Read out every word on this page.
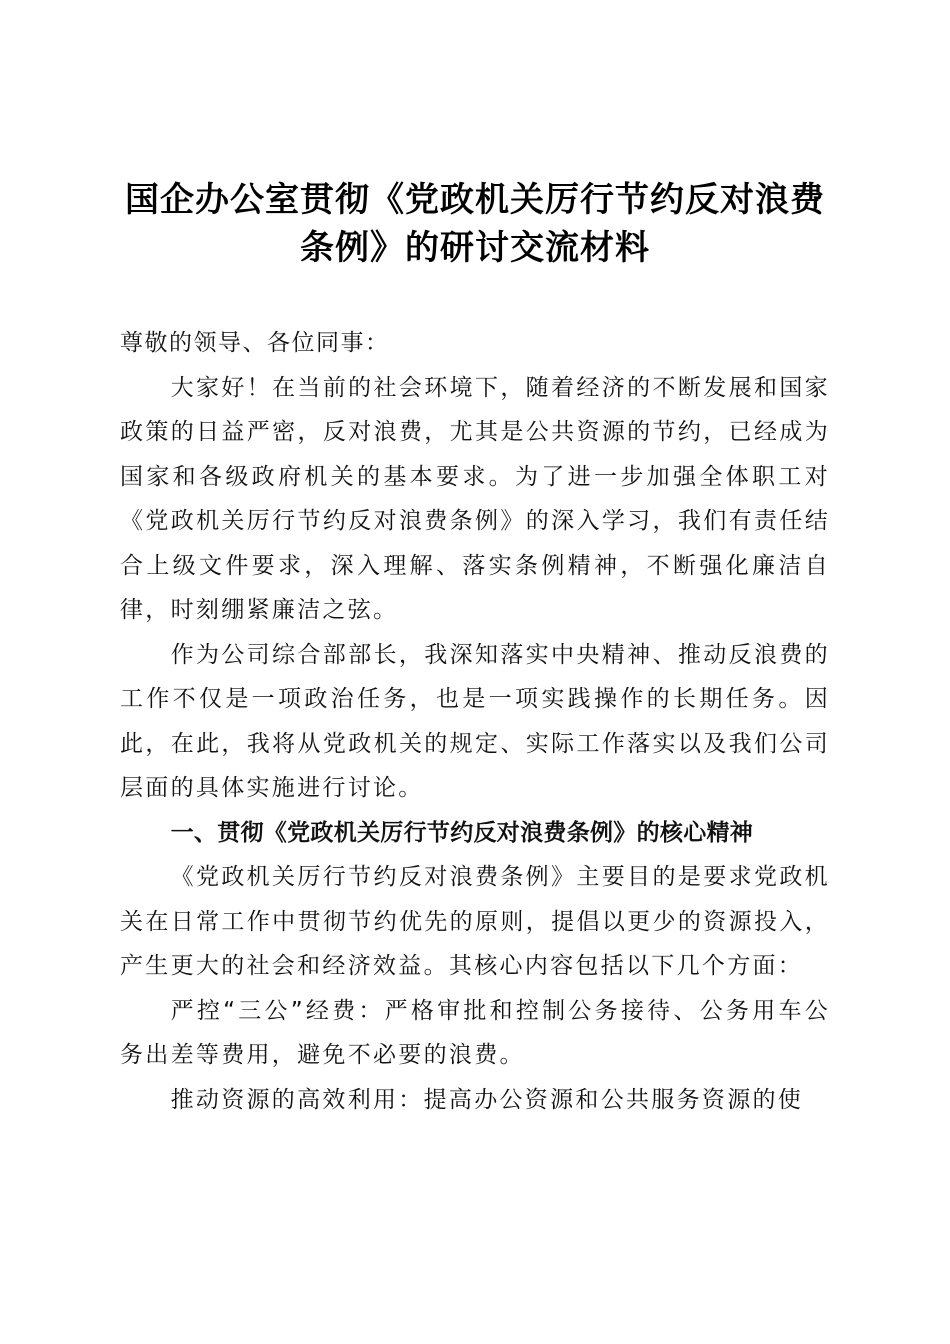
国企办公室贯彻《党政机关厉行节约反对浪费
条例》的研讨交流材料

尊敬的领导、各位同事：

大家好！在当前的社会环境下，随着经济的不断发展和国家政策的日益严密，反对浪费，尤其是公共资源的节约，已经成为国家和各级政府机关的基本要求。为了进一步加强全体职工对《党政机关厉行节约反对浪费条例》的深入学习，我们有责任结合上级文件要求，深入理解、落实条例精神，不断强化廉洁自律，时刻绷紧廉洁之弦。

作为公司综合部部长，我深知落实中央精神、推动反浪费的工作不仅是一项政治任务，也是一项实践操作的长期任务。因此，在此，我将从党政机关的规定、实际工作落实以及我们公司层面的具体实施进行讨论。

一、贯彻《党政机关厉行节约反对浪费条例》的核心精神

《党政机关厉行节约反对浪费条例》主要目的是要求党政机关在日常工作中贯彻节约优先的原则，提倡以更少的资源投入，产生更大的社会和经济效益。其核心内容包括以下几个方面：

严控“三公”经费：严格审批和控制公务接待、公务用车公务出差等费用，避免不必要的浪费。

推动资源的高效利用：提高办公资源和公共服务资源的使
